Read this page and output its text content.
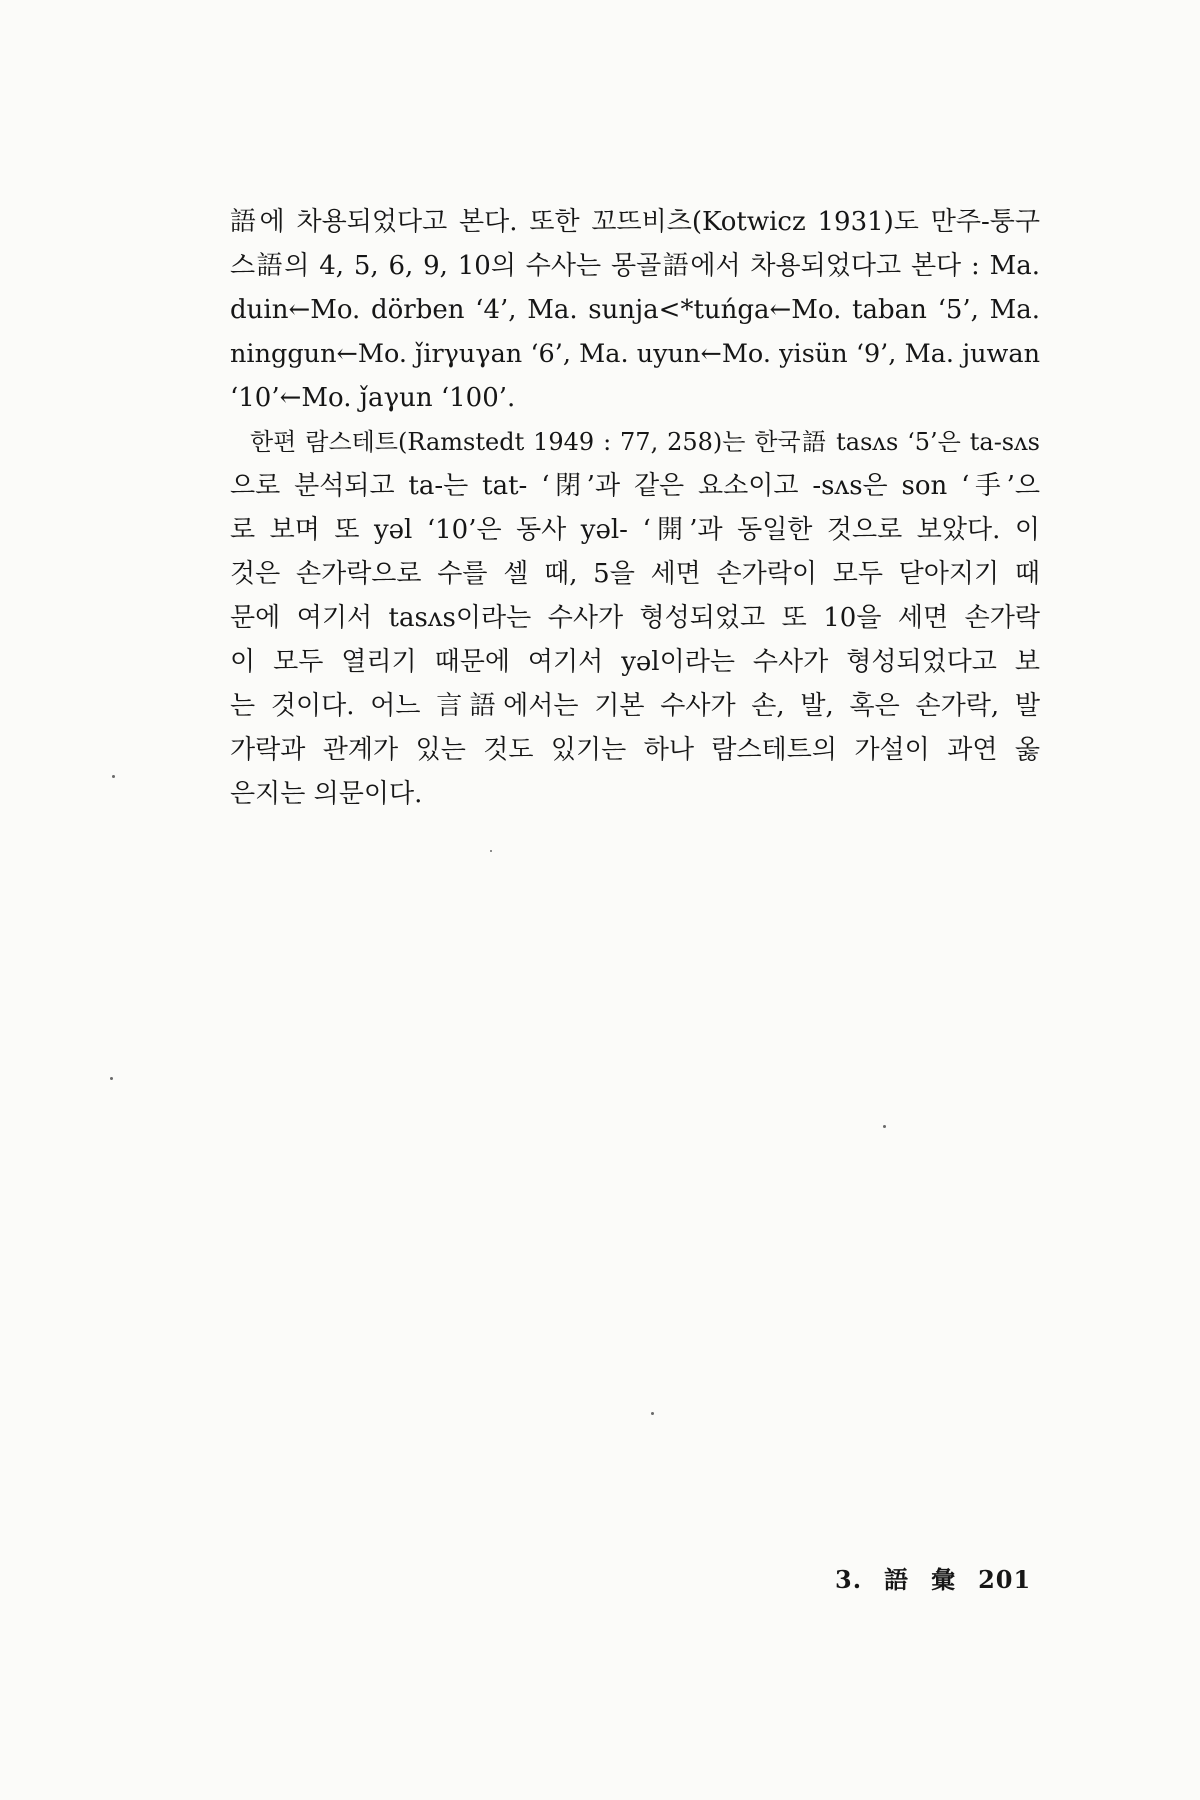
語에 차용되었다고 본다. 또한 꼬뜨비츠(Kotwicz 1931)도 만주-퉁구
스語의 4, 5, 6, 9, 10의 수사는 몽골語에서 차용되었다고 본다 : Ma.
duin←Mo. dörben ‘4’, Ma. sunja<*tuńga←Mo. taban ‘5’, Ma.
ninggun←Mo. ǰirγuγan ‘6’, Ma. uyun←Mo. yisün ‘9’, Ma. juwan
‘10’←Mo. ǰaγun ‘100’.
한편 람스테트(Ramstedt 1949 : 77, 258)는 한국語 tasʌs ‘5’은 ta-sʌs
으로 분석되고 ta-는 tat- ‘閉’과 같은 요소이고 -sʌs은 son ‘手’으
로 보며 또 yəl ‘10’은 동사 yəl- ‘開’과 동일한 것으로 보았다. 이
것은 손가락으로 수를 셀 때, 5을 세면 손가락이 모두 닫아지기 때
문에 여기서 tasʌs이라는 수사가 형성되었고 또 10을 세면 손가락
이 모두 열리기 때문에 여기서 yəl이라는 수사가 형성되었다고 보
는 것이다. 어느 言語에서는 기본 수사가 손, 발, 혹은 손가락, 발
가락과 관계가 있는 것도 있기는 하나 람스테트의 가설이 과연 옳
은지는 의문이다.
3. 語 彙 201
